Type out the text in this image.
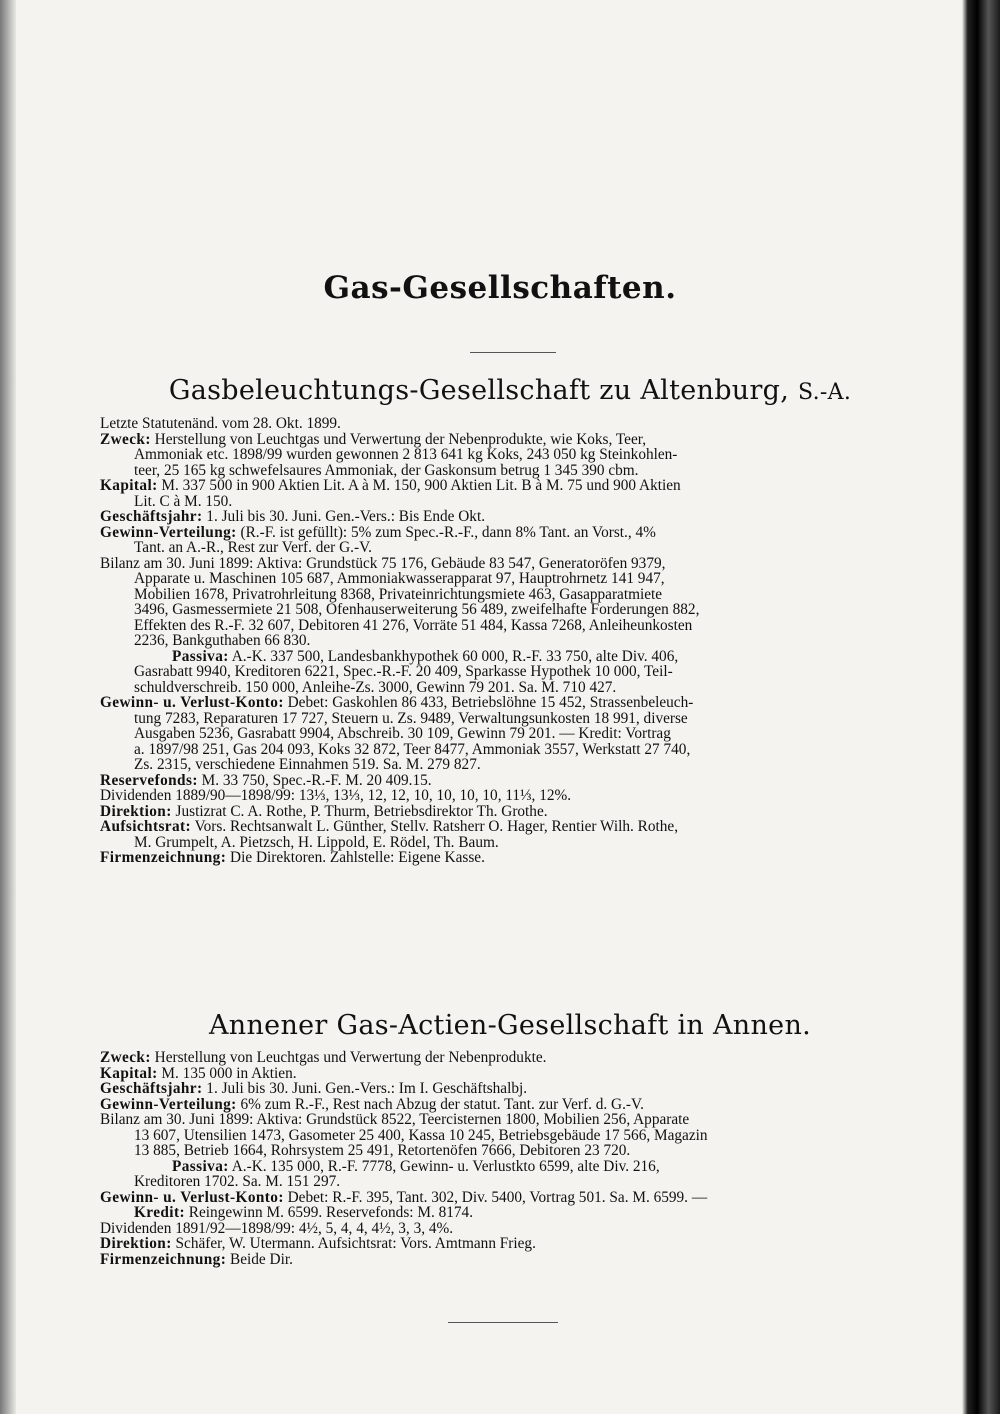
Gas-Gesellschaften.
Gasbeleuchtungs-Gesellschaft zu Altenburg, S.-A.
Letzte Statutenänd. vom 28. Okt. 1899.
Zweck: Herstellung von Leuchtgas und Verwertung der Nebenprodukte, wie Koks, Teer,
Ammoniak etc. 1898/99 wurden gewonnen 2 813 641 kg Koks, 243 050 kg Steinkohlen-
teer, 25 165 kg schwefelsaures Ammoniak, der Gaskonsum betrug 1 345 390 cbm.
Kapital: M. 337 500 in 900 Aktien Lit. A à M. 150, 900 Aktien Lit. B à M. 75 und 900 Aktien
Lit. C à M. 150.
Geschäftsjahr: 1. Juli bis 30. Juni. Gen.-Vers.: Bis Ende Okt.
Gewinn-Verteilung: (R.-F. ist gefüllt): 5% zum Spec.-R.-F., dann 8% Tant. an Vorst., 4%
Tant. an A.-R., Rest zur Verf. der G.-V.
Bilanz am 30. Juni 1899: Aktiva: Grundstück 75 176, Gebäude 83 547, Generatoröfen 9379,
Apparate u. Maschinen 105 687, Ammoniakwasserapparat 97, Hauptrohrnetz 141 947,
Mobilien 1678, Privatrohrleitung 8368, Privateinrichtungsmiete 463, Gasapparatmiete
3496, Gasmessermiete 21 508, Ofenhauserweiterung 56 489, zweifelhafte Forderungen 882,
Effekten des R.-F. 32 607, Debitoren 41 276, Vorräte 51 484, Kassa 7268, Anleiheunkosten
2236, Bankguthaben 66 830.
Passiva: A.-K. 337 500, Landesbankhypothek 60 000, R.-F. 33 750, alte Div. 406,
Gasrabatt 9940, Kreditoren 6221, Spec.-R.-F. 20 409, Sparkasse Hypothek 10 000, Teil-
schuldverschreib. 150 000, Anleihe-Zs. 3000, Gewinn 79 201. Sa. M. 710 427.
Gewinn- u. Verlust-Konto: Debet: Gaskohlen 86 433, Betriebslöhne 15 452, Strassenbeleuch-
tung 7283, Reparaturen 17 727, Steuern u. Zs. 9489, Verwaltungsunkosten 18 991, diverse
Ausgaben 5236, Gasrabatt 9904, Abschreib. 30 109, Gewinn 79 201. — Kredit: Vortrag
a. 1897/98 251, Gas 204 093, Koks 32 872, Teer 8477, Ammoniak 3557, Werkstatt 27 740,
Zs. 2315, verschiedene Einnahmen 519. Sa. M. 279 827.
Reservefonds: M. 33 750, Spec.-R.-F. M. 20 409.15.
Dividenden 1889/90—1898/99: 13⅓, 13⅓, 12, 12, 10, 10, 10, 10, 11⅓, 12%.
Direktion: Justizrat C. A. Rothe, P. Thurm, Betriebsdirektor Th. Grothe.
Aufsichtsrat: Vors. Rechtsanwalt L. Günther, Stellv. Ratsherr O. Hager, Rentier Wilh. Rothe,
M. Grumpelt, A. Pietzsch, H. Lippold, E. Rödel, Th. Baum.
Firmenzeichnung: Die Direktoren. Zahlstelle: Eigene Kasse.
Annener Gas-Actien-Gesellschaft in Annen.
Zweck: Herstellung von Leuchtgas und Verwertung der Nebenprodukte.
Kapital: M. 135 000 in Aktien.
Geschäftsjahr: 1. Juli bis 30. Juni. Gen.-Vers.: Im I. Geschäftshalbj.
Gewinn-Verteilung: 6% zum R.-F., Rest nach Abzug der statut. Tant. zur Verf. d. G.-V.
Bilanz am 30. Juni 1899: Aktiva: Grundstück 8522, Teercisternen 1800, Mobilien 256, Apparate
13 607, Utensilien 1473, Gasometer 25 400, Kassa 10 245, Betriebsgebäude 17 566, Magazin
13 885, Betrieb 1664, Rohrsystem 25 491, Retortenöfen 7666, Debitoren 23 720.
Passiva: A.-K. 135 000, R.-F. 7778, Gewinn- u. Verlustkto 6599, alte Div. 216,
Kreditoren 1702. Sa. M. 151 297.
Gewinn- u. Verlust-Konto: Debet: R.-F. 395, Tant. 302, Div. 5400, Vortrag 501. Sa. M. 6599. —
Kredit: Reingewinn M. 6599. Reservefonds: M. 8174.
Dividenden 1891/92—1898/99: 4½, 5, 4, 4, 4½, 3, 3, 4%.
Direktion: Schäfer, W. Utermann. Aufsichtsrat: Vors. Amtmann Frieg.
Firmenzeichnung: Beide Dir.
